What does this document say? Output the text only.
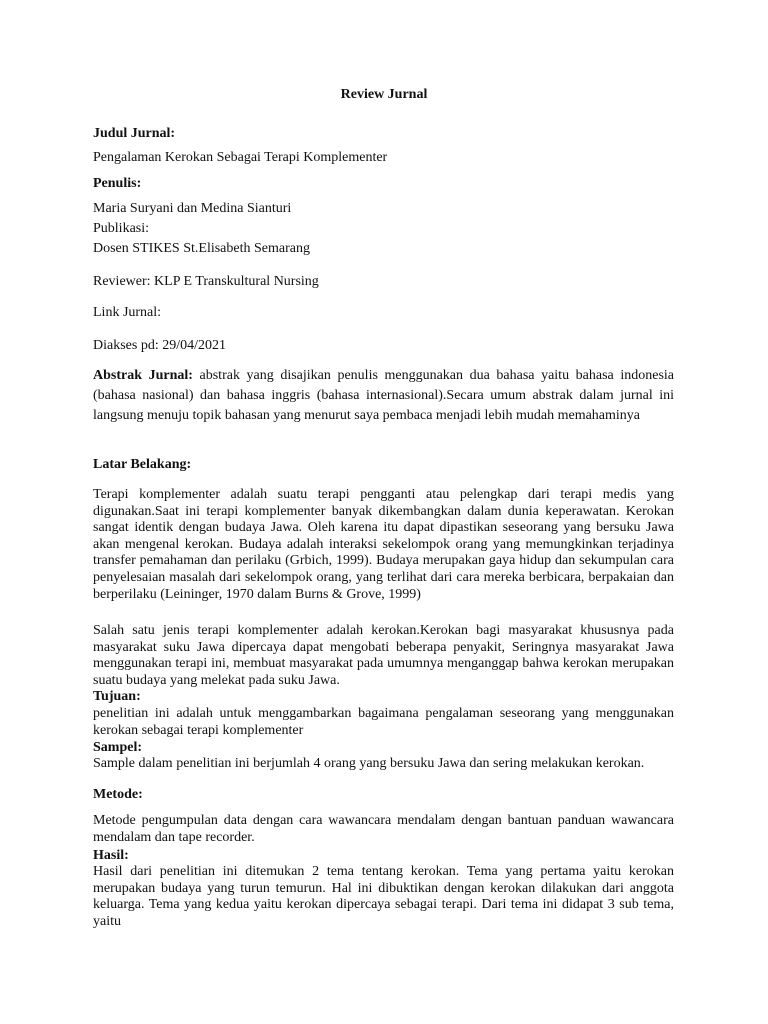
Review Jurnal

Judul Jurnal:

Pengalaman Kerokan Sebagai Terapi Komplementer

Penulis:

Maria Suryani dan Medina Sianturi

Publikasi:

Dosen STIKES St.Elisabeth Semarang

Reviewer: KLP E Transkultural Nursing

Link Jurnal:

Diakses pd: 29/04/2021

Abstrak Jurnal: abstrak yang disajikan penulis menggunakan dua bahasa yaitu bahasa indonesia (bahasa nasional) dan bahasa inggris (bahasa internasional).Secara umum abstrak dalam jurnal ini langsung menuju topik bahasan yang menurut saya pembaca menjadi lebih mudah memahaminya

Latar Belakang:

Terapi komplementer adalah suatu terapi pengganti atau pelengkap dari terapi medis yang digunakan.Saat ini terapi komplementer banyak dikembangkan dalam dunia keperawatan. Kerokan sangat identik dengan budaya Jawa. Oleh karena itu dapat dipastikan seseorang yang bersuku Jawa akan mengenal kerokan. Budaya adalah interaksi sekelompok orang yang memungkinkan terjadinya transfer pemahaman dan perilaku (Grbich, 1999). Budaya merupakan gaya hidup dan sekumpulan cara penyelesaian masalah dari sekelompok orang, yang terlihat dari cara mereka berbicara, berpakaian dan berperilaku (Leininger, 1970 dalam Burns & Grove, 1999)

Salah satu jenis terapi komplementer adalah kerokan.Kerokan bagi masyarakat khususnya pada masyarakat suku Jawa dipercaya dapat mengobati beberapa penyakit, Seringnya masyarakat Jawa menggunakan terapi ini, membuat masyarakat pada umumnya menganggap bahwa kerokan merupakan suatu budaya yang melekat pada suku Jawa.

Tujuan:

penelitian ini adalah untuk menggambarkan bagaimana pengalaman seseorang yang menggunakan kerokan sebagai terapi komplementer

Sampel:

Sample dalam penelitian ini berjumlah 4 orang yang bersuku Jawa dan sering melakukan kerokan.

Metode:

Metode pengumpulan data dengan cara wawancara mendalam dengan bantuan panduan wawancara mendalam dan tape recorder.

Hasil:

Hasil dari penelitian ini ditemukan 2 tema tentang kerokan. Tema yang pertama yaitu kerokan merupakan budaya yang turun temurun. Hal ini dibuktikan dengan kerokan dilakukan dari anggota keluarga. Tema yang kedua yaitu kerokan dipercaya sebagai terapi. Dari tema ini didapat 3 sub tema, yaitu
